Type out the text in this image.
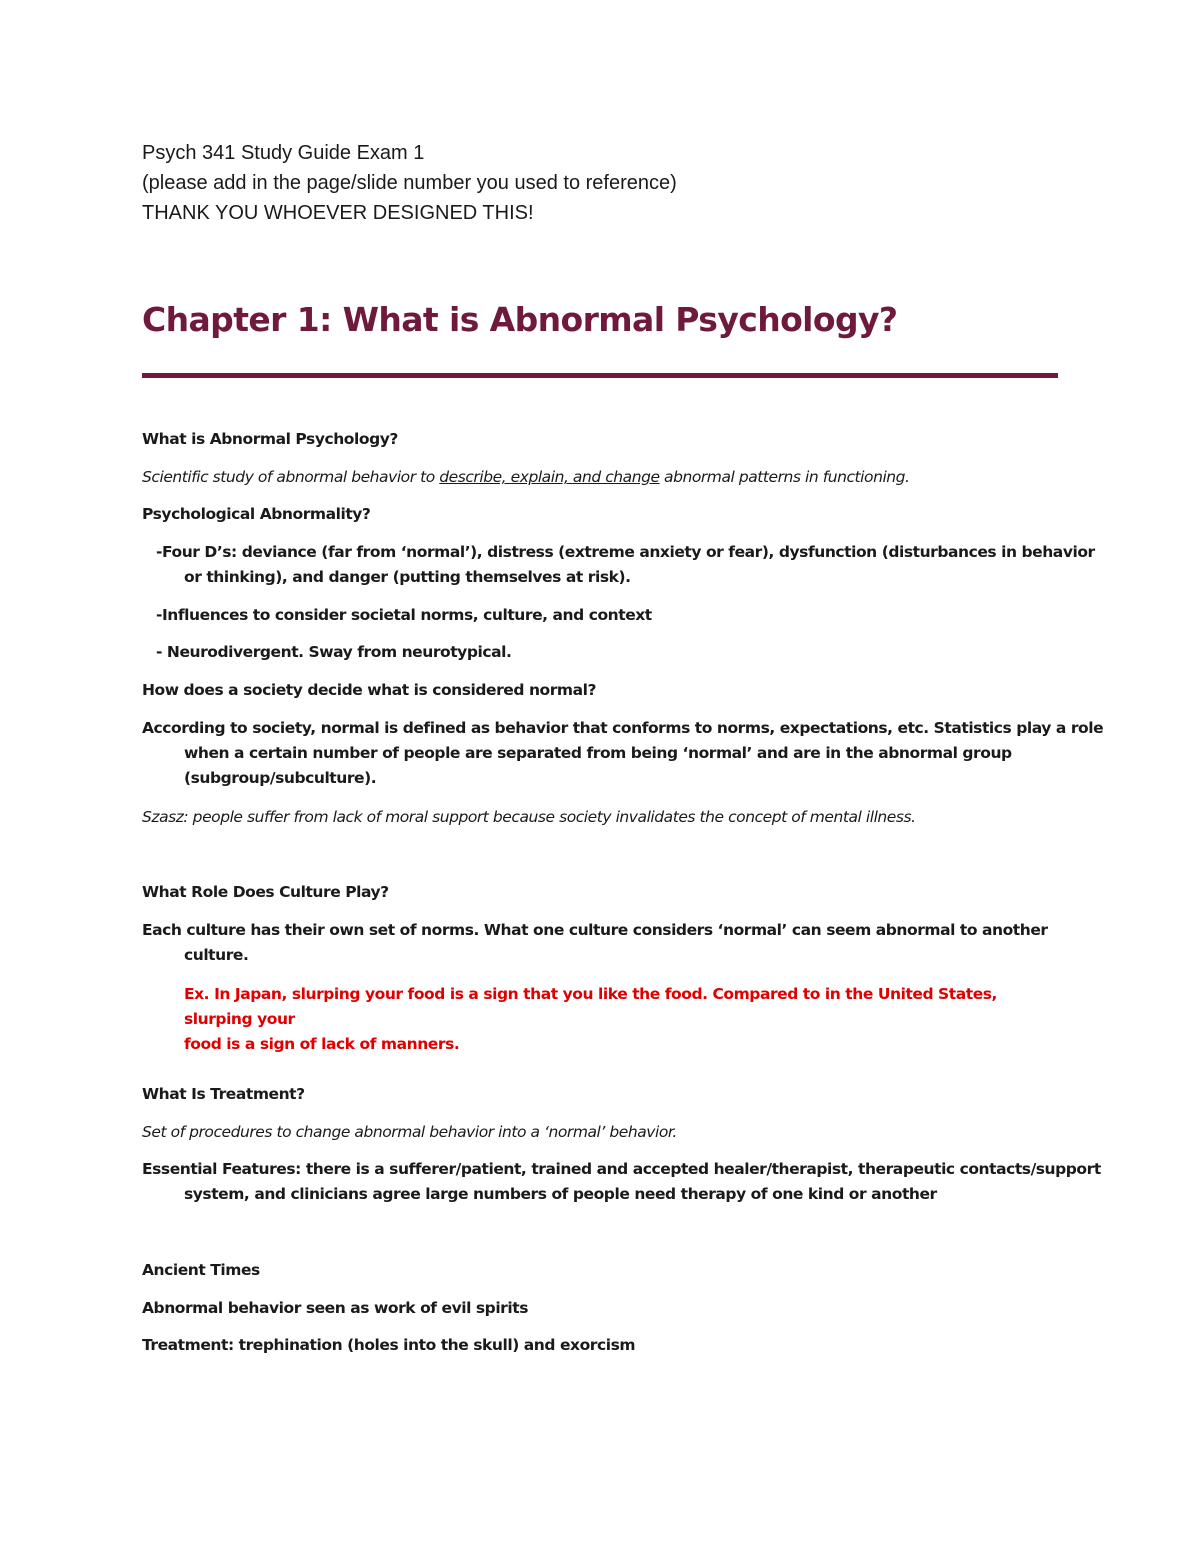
Psych 341 Study Guide Exam 1
(please add in the page/slide number you used to reference)
THANK YOU WHOEVER DESIGNED THIS!
Chapter 1: What is Abnormal Psychology?

What is Abnormal Psychology?

Scientific study of abnormal behavior to describe, explain, and change abnormal patterns in functioning.

Psychological Abnormality?

-Four D’s: deviance (far from ‘normal’), distress (extreme anxiety or fear), dysfunction (disturbances in behavior or thinking), and danger (putting themselves at risk).

-Influences to consider societal norms, culture, and context

- Neurodivergent. Sway from neurotypical.

How does a society decide what is considered normal?

According to society, normal is defined as behavior that conforms to norms, expectations, etc. Statistics play a role when a certain number of people are separated from being ‘normal’ and are in the abnormal group (subgroup/subculture).

Szasz: people suffer from lack of moral support because society invalidates the concept of mental illness.

What Role Does Culture Play?

Each culture has their own set of norms. What one culture considers ‘normal’ can seem abnormal to another culture.

Ex. In Japan, slurping your food is a sign that you like the food. Compared to in the United States, slurping your
food is a sign of lack of manners.

What Is Treatment?

Set of procedures to change abnormal behavior into a ‘normal’ behavior.

Essential Features: there is a sufferer/patient, trained and accepted healer/therapist, therapeutic contacts/support system, and clinicians agree large numbers of people need therapy of one kind or another

Ancient Times

Abnormal behavior seen as work of evil spirits

Treatment: trephination (holes into the skull) and exorcism
